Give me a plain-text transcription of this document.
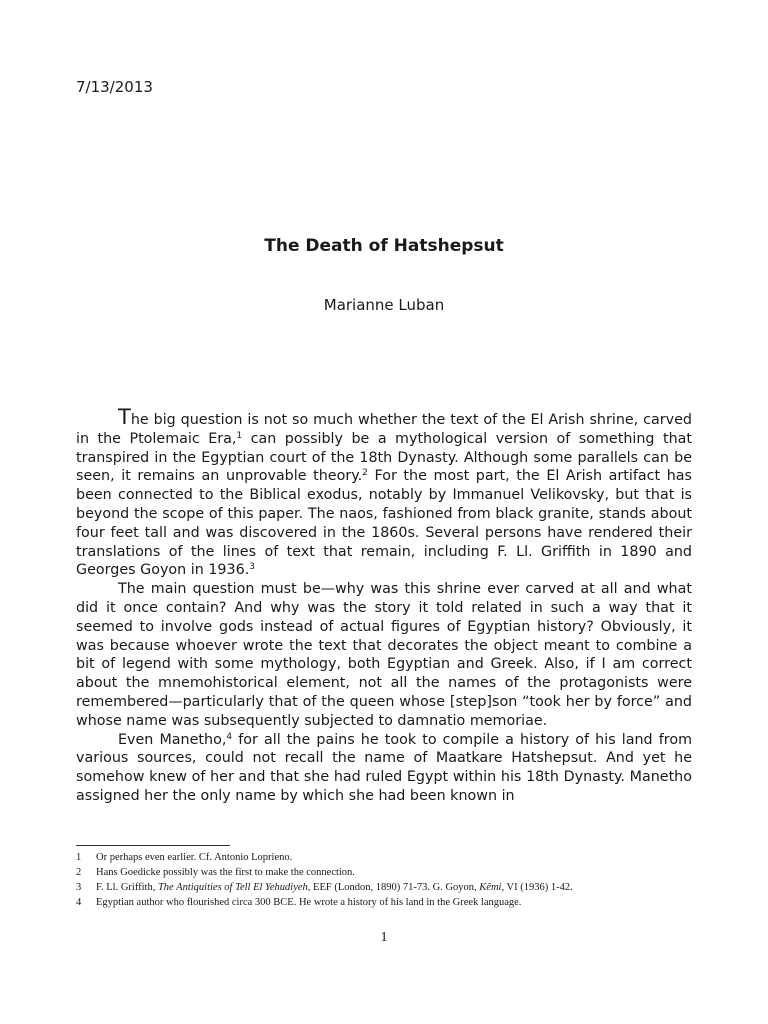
7/13/2013
The Death of Hatshepsut
Marianne Luban

The big question is not so much whether the text of the El Arish shrine, carved in the Ptolemaic Era,$^1$ can possibly be a mythological version of something that transpired in the Egyptian court of the 18th Dynasty. Although some parallels can be seen, it remains an unprovable theory.$^2$ For the most part, the El Arish artifact has been connected to the Biblical exodus, notably by Immanuel Velikovsky, but that is beyond the scope of this paper. The naos, fashioned from black granite, stands about four feet tall and was discovered in the 1860s. Several persons have rendered their translations of the lines of text that remain, including F. Ll. Griffith in 1890 and Georges Goyon in 1936.$^3$

The main question must be—why was this shrine ever carved at all and what did it once contain? And why was the story it told related in such a way that it seemed to involve gods instead of actual figures of Egyptian history? Obviously, it was because whoever wrote the text that decorates the object meant to combine a bit of legend with some mythology, both Egyptian and Greek. Also, if I am correct about the mnemohistorical element, not all the names of the protagonists were remembered—particularly that of the queen whose [step]son “took her by force” and whose name was subsequently subjected to damnatio memoriae.

Even Manetho,$^4$ for all the pains he took to compile a history of his land from various sources, could not recall the name of Maatkare Hatshepsut. And yet he somehow knew of her and that she had ruled Egypt within his 18th Dynasty. Manetho assigned her the only name by which she had been known in

1	Or perhaps even earlier. Cf. Antonio Loprieno.
2	Hans Goedicke possibly was the first to make the connection.
3	F. Ll. Griffith, The Antiquities of Tell El Yehudiyeh, EEF (London, 1890) 71-73. G. Goyon, Kêmi, VI (1936) 1-42.
4	Egyptian author who flourished circa 300 BCE. He wrote a history of his land in the Greek language.
1
